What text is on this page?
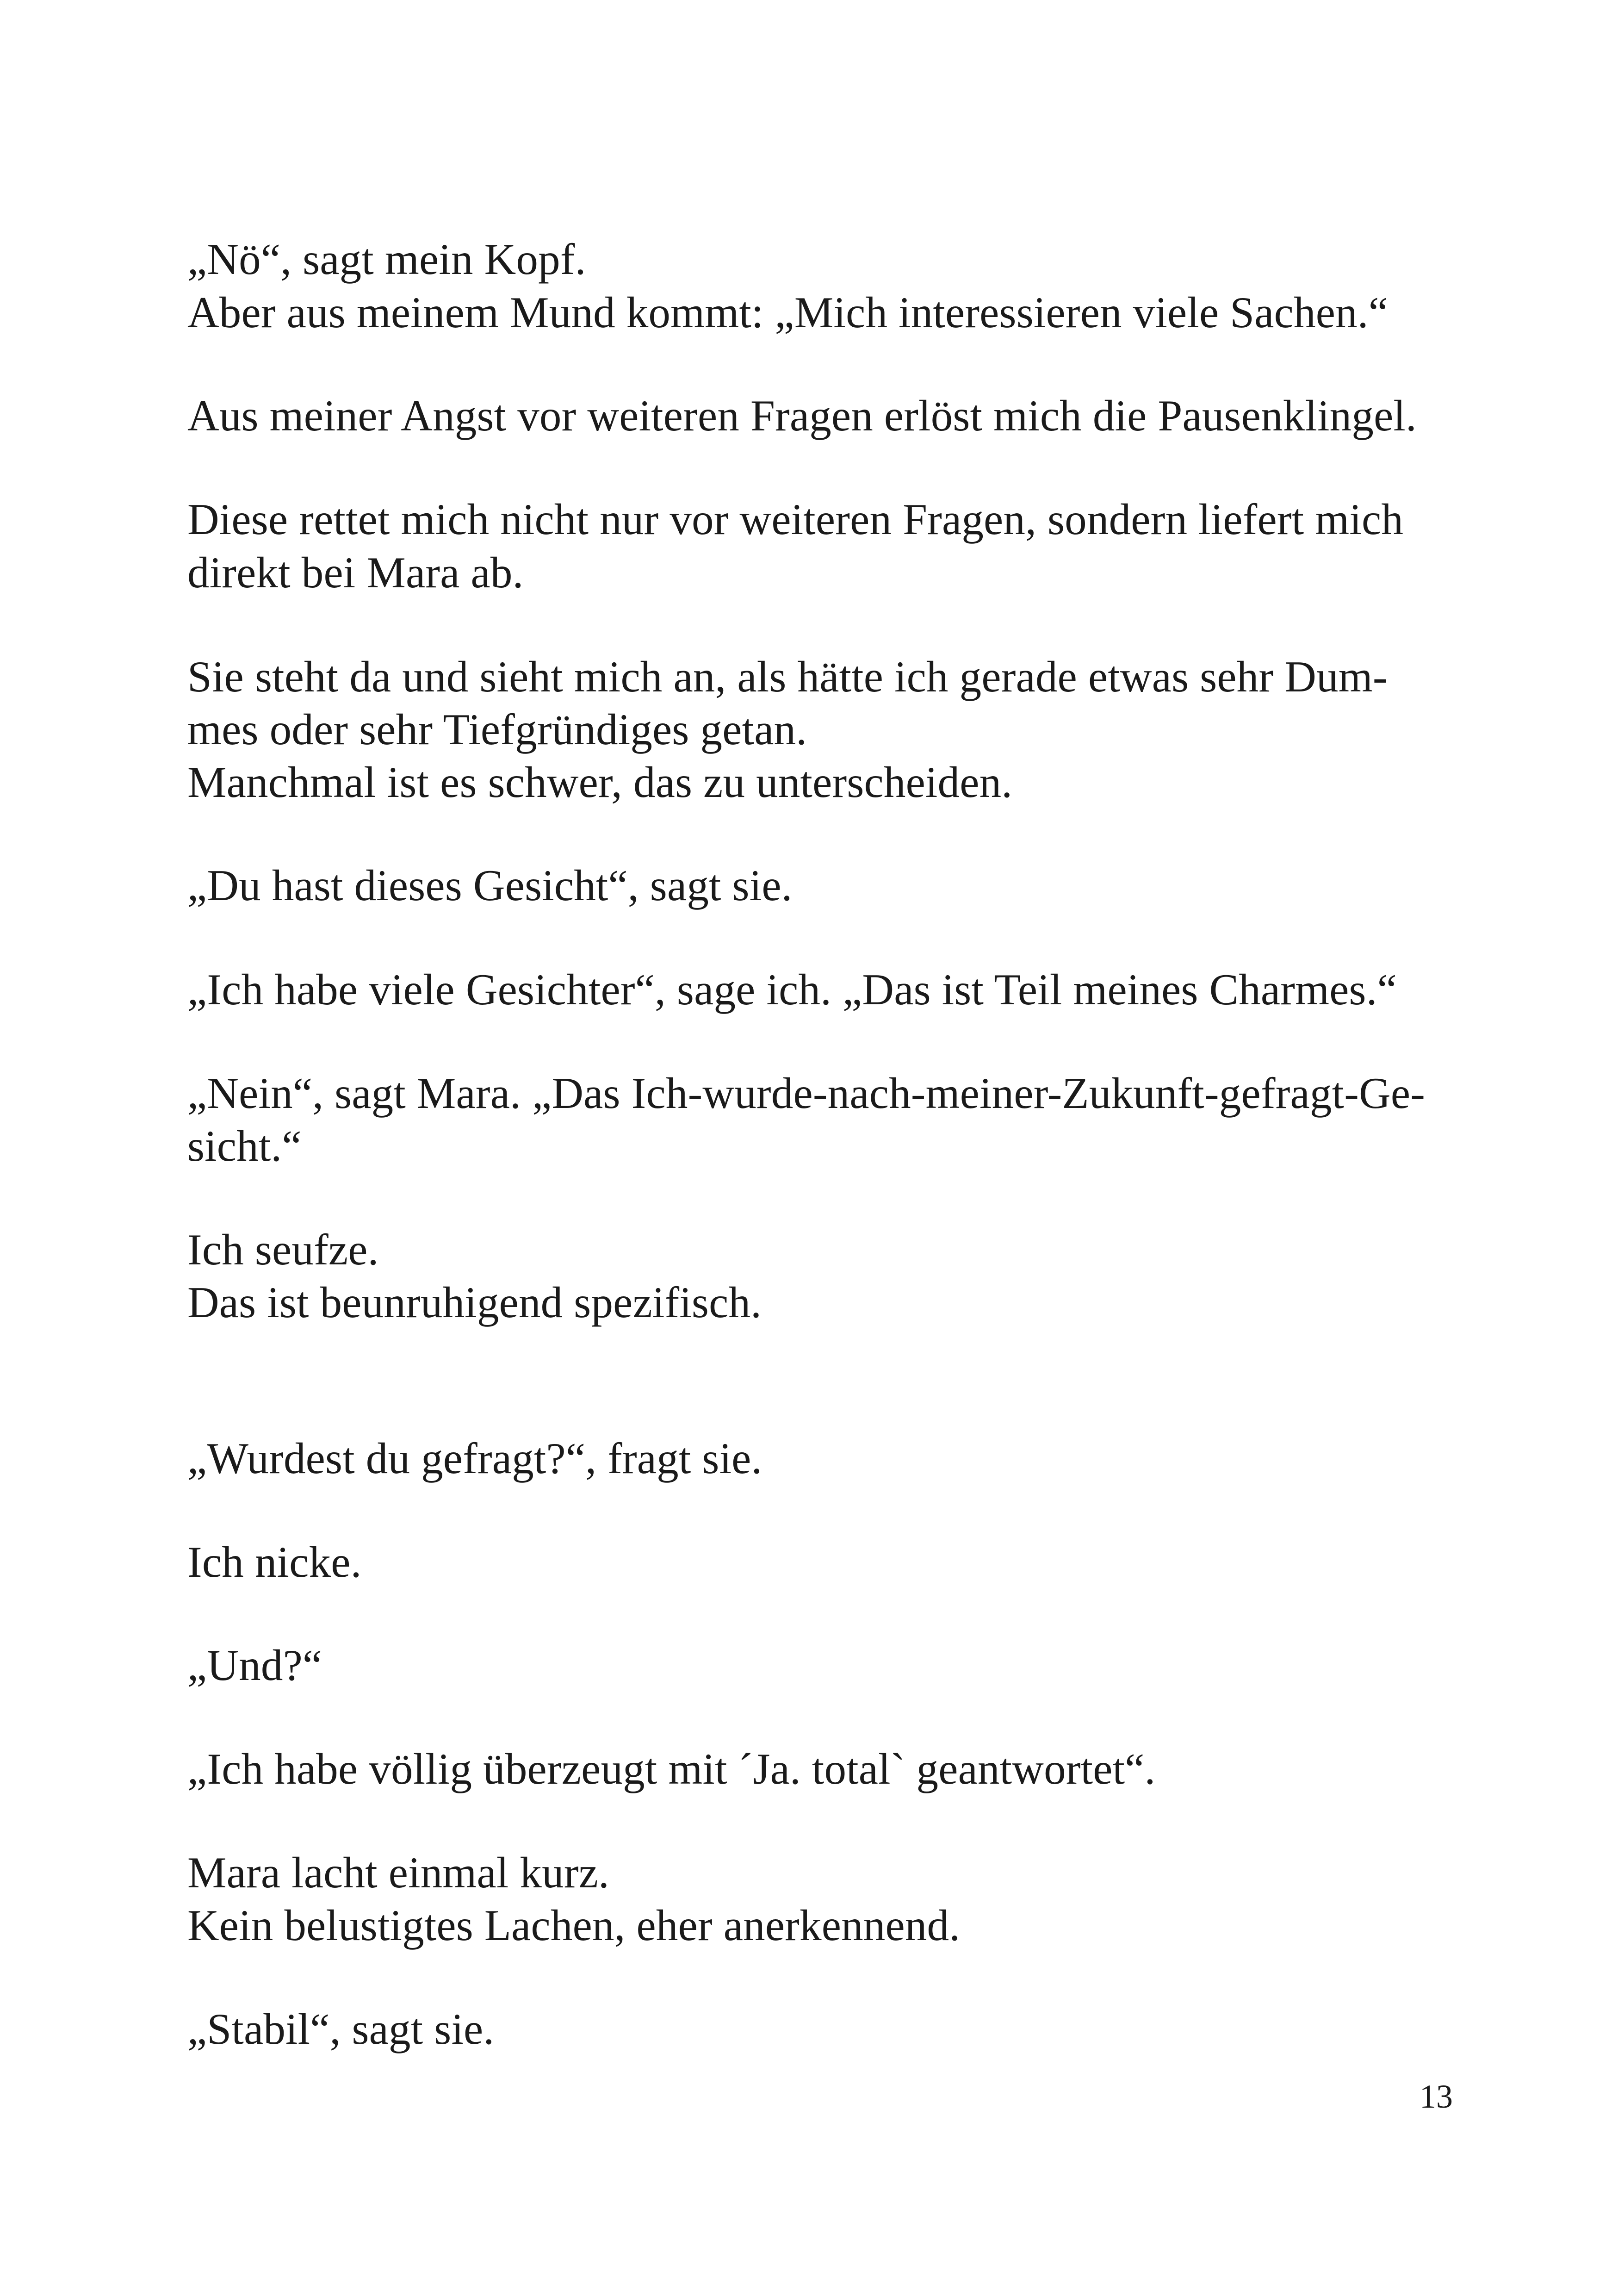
„Nö“, sagt mein Kopf.
Aber aus meinem Mund kommt: „Mich interessieren viele Sachen.“
Aus meiner Angst vor weiteren Fragen erlöst mich die Pausenklingel.
Diese rettet mich nicht nur vor weiteren Fragen, sondern liefert mich
direkt bei Mara ab.
Sie steht da und sieht mich an, als hätte ich gerade etwas sehr Dum-
mes oder sehr Tiefgründiges getan.
Manchmal ist es schwer, das zu unterscheiden.
„Du hast dieses Gesicht“, sagt sie.
„Ich habe viele Gesichter“, sage ich. „Das ist Teil meines Charmes.“
„Nein“, sagt Mara. „Das Ich-wurde-nach-meiner-Zukunft-gefragt-Ge-
sicht.“
Ich seufze.
Das ist beunruhigend spezifisch.
„Wurdest du gefragt?“, fragt sie.
Ich nicke.
„Und?“
„Ich habe völlig überzeugt mit ´Ja. total` geantwortet“.
Mara lacht einmal kurz.
Kein belustigtes Lachen, eher anerkennend.
„Stabil“, sagt sie.
13
